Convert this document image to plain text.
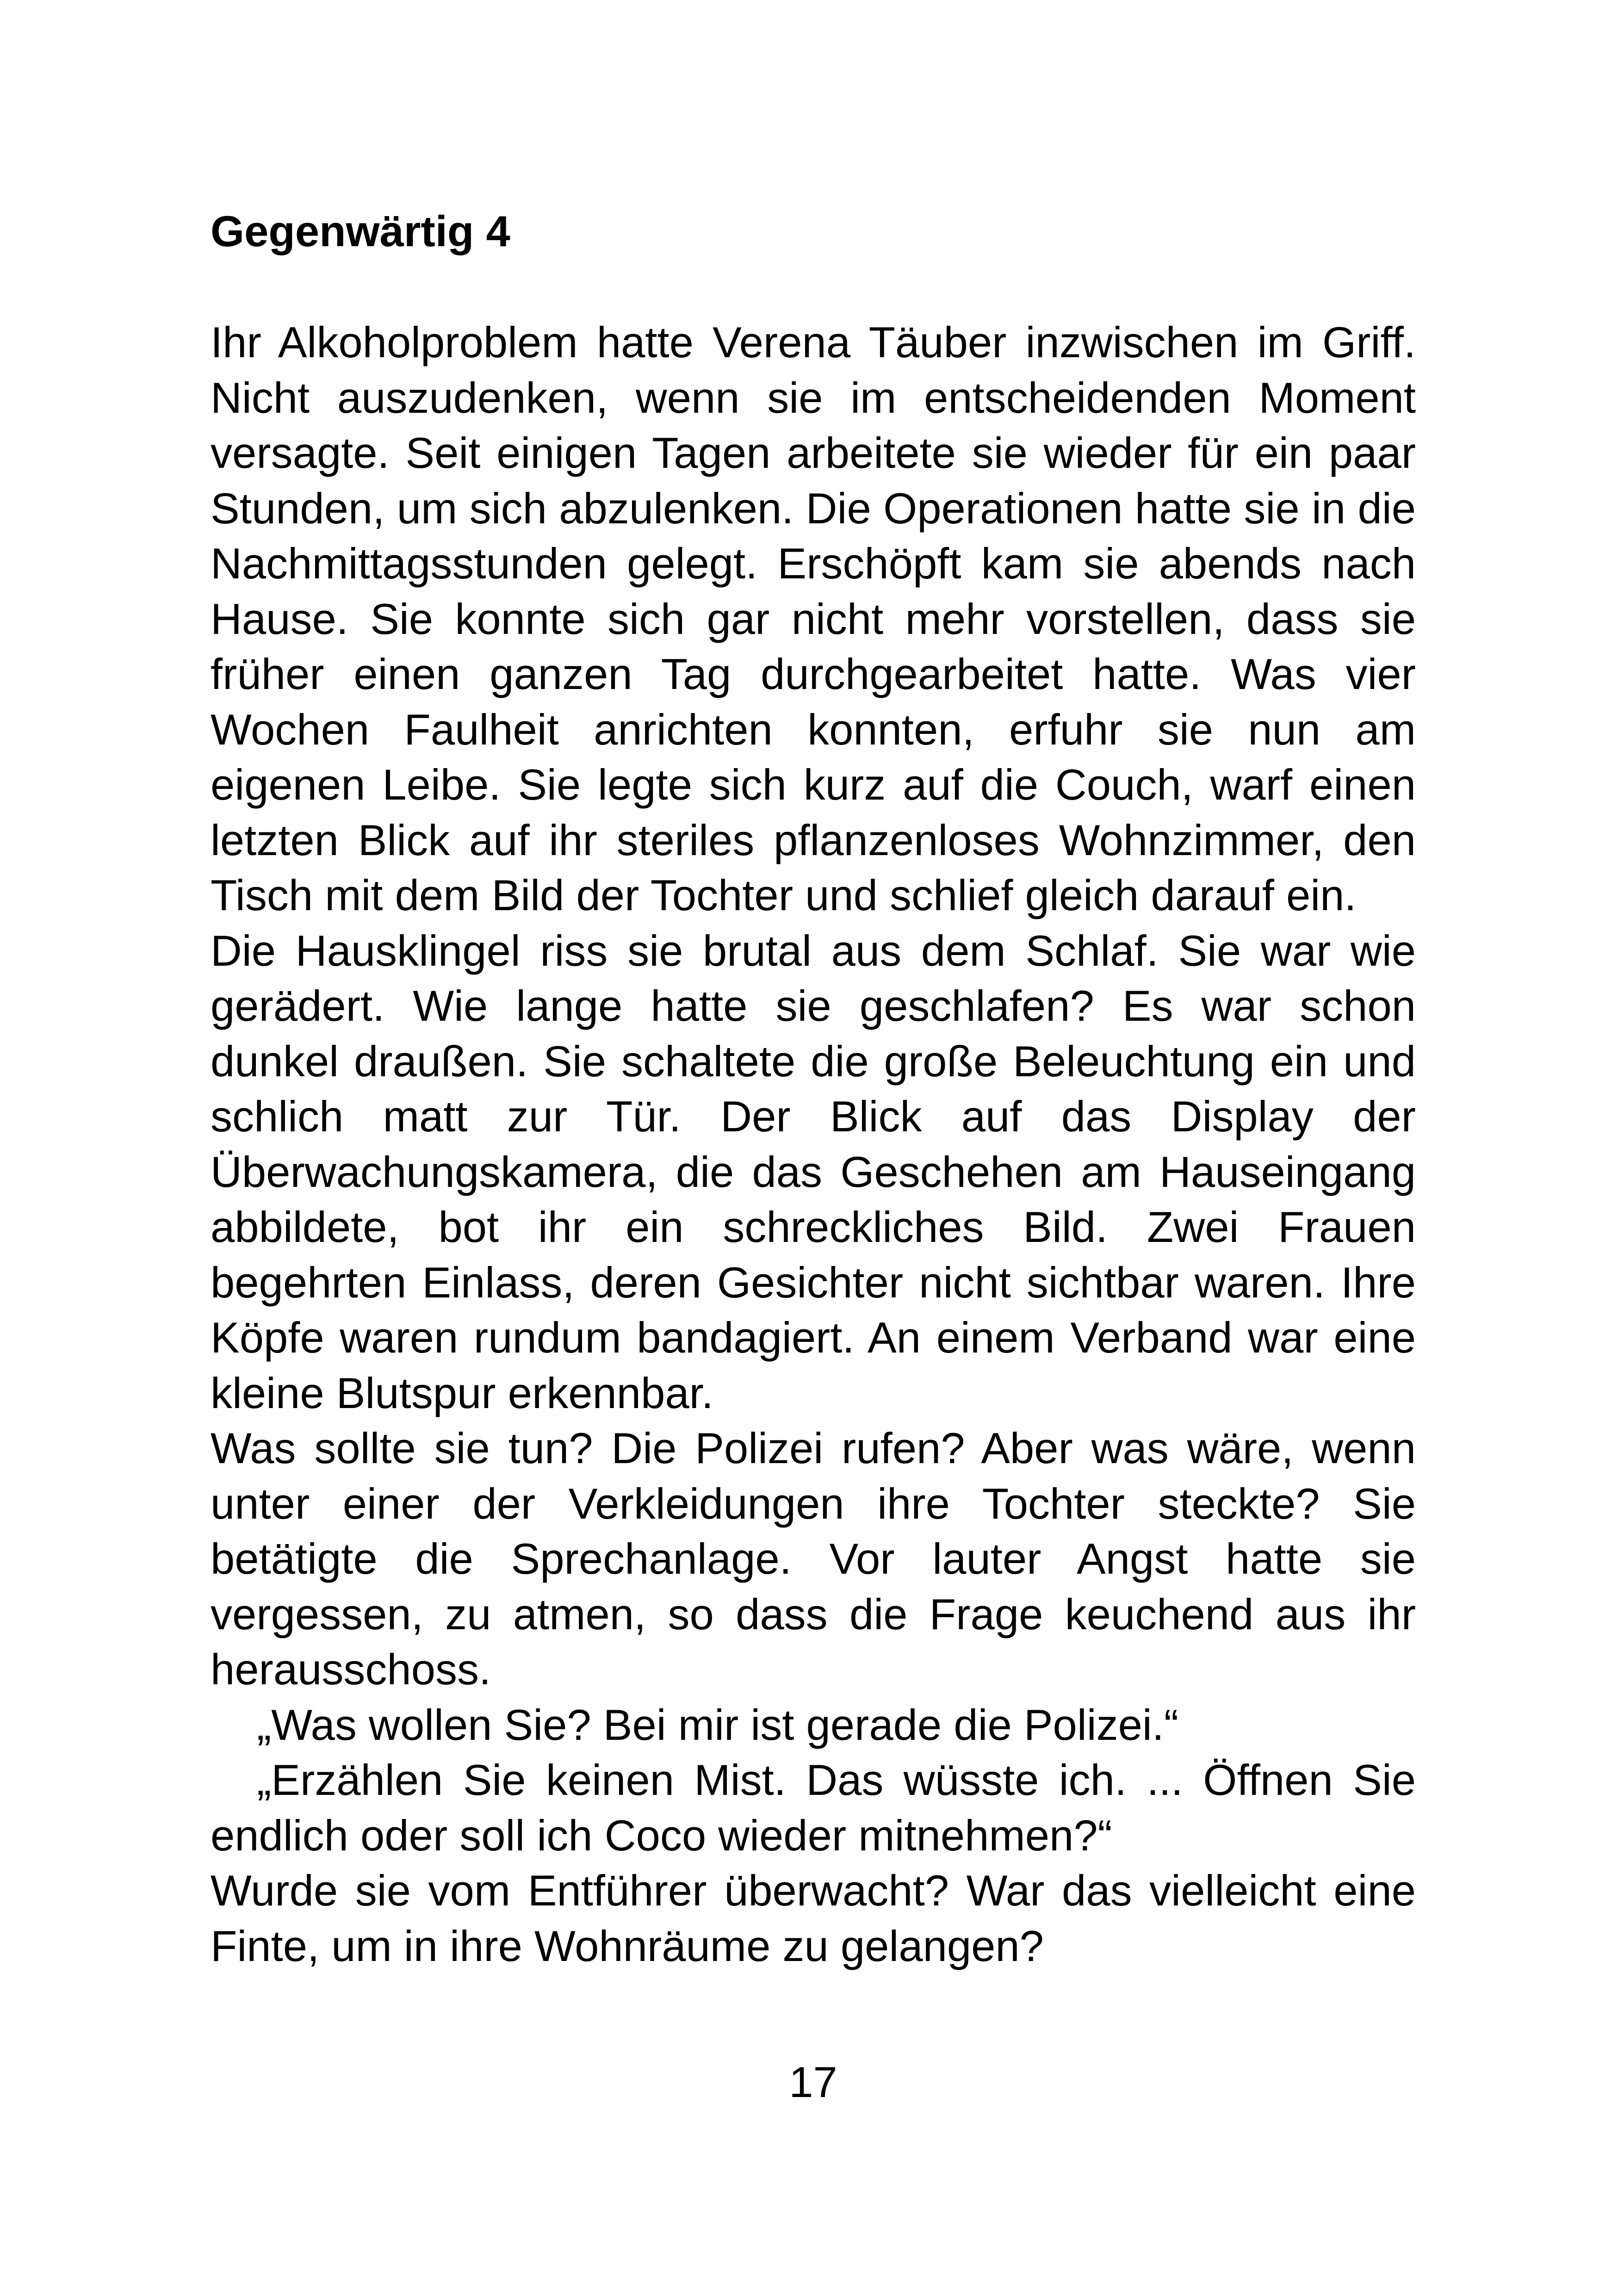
Gegenwärtig 4

Ihr Alkoholproblem hatte Verena Täuber inzwischen im Griff. Nicht auszudenken, wenn sie im entscheidenden Moment versagte. Seit einigen Tagen arbeitete sie wieder für ein paar Stunden, um sich abzulenken. Die Operationen hatte sie in die Nachmittagsstunden gelegt. Erschöpft kam sie abends nach Hause. Sie konnte sich gar nicht mehr vorstellen, dass sie früher einen ganzen Tag durchgearbeitet hatte. Was vier Wochen Faulheit anrichten konnten, erfuhr sie nun am eigenen Leibe. Sie legte sich kurz auf die Couch, warf einen letzten Blick auf ihr steriles pflanzenloses Wohnzimmer, den Tisch mit dem Bild der Tochter und schlief gleich darauf ein.

Die Hausklingel riss sie brutal aus dem Schlaf. Sie war wie gerädert. Wie lange hatte sie geschlafen? Es war schon dunkel draußen. Sie schaltete die große Beleuchtung ein und schlich matt zur Tür. Der Blick auf das Display der Überwachungskamera, die das Geschehen am Hauseingang abbildete, bot ihr ein schreckliches Bild. Zwei Frauen begehrten Einlass, deren Gesichter nicht sichtbar waren. Ihre Köpfe waren rundum bandagiert. An einem Verband war eine kleine Blutspur erkennbar.

Was sollte sie tun? Die Polizei rufen? Aber was wäre, wenn unter einer der Verkleidungen ihre Tochter steckte? Sie betätigte die Sprechanlage. Vor lauter Angst hatte sie vergessen, zu atmen, so dass die Frage keuchend aus ihr herausschoss.

„Was wollen Sie? Bei mir ist gerade die Polizei.“

„Erzählen Sie keinen Mist. Das wüsste ich. ... Öffnen Sie endlich oder soll ich Coco wieder mitnehmen?“

Wurde sie vom Entführer überwacht? War das vielleicht eine Finte, um in ihre Wohnräume zu gelangen?

17
